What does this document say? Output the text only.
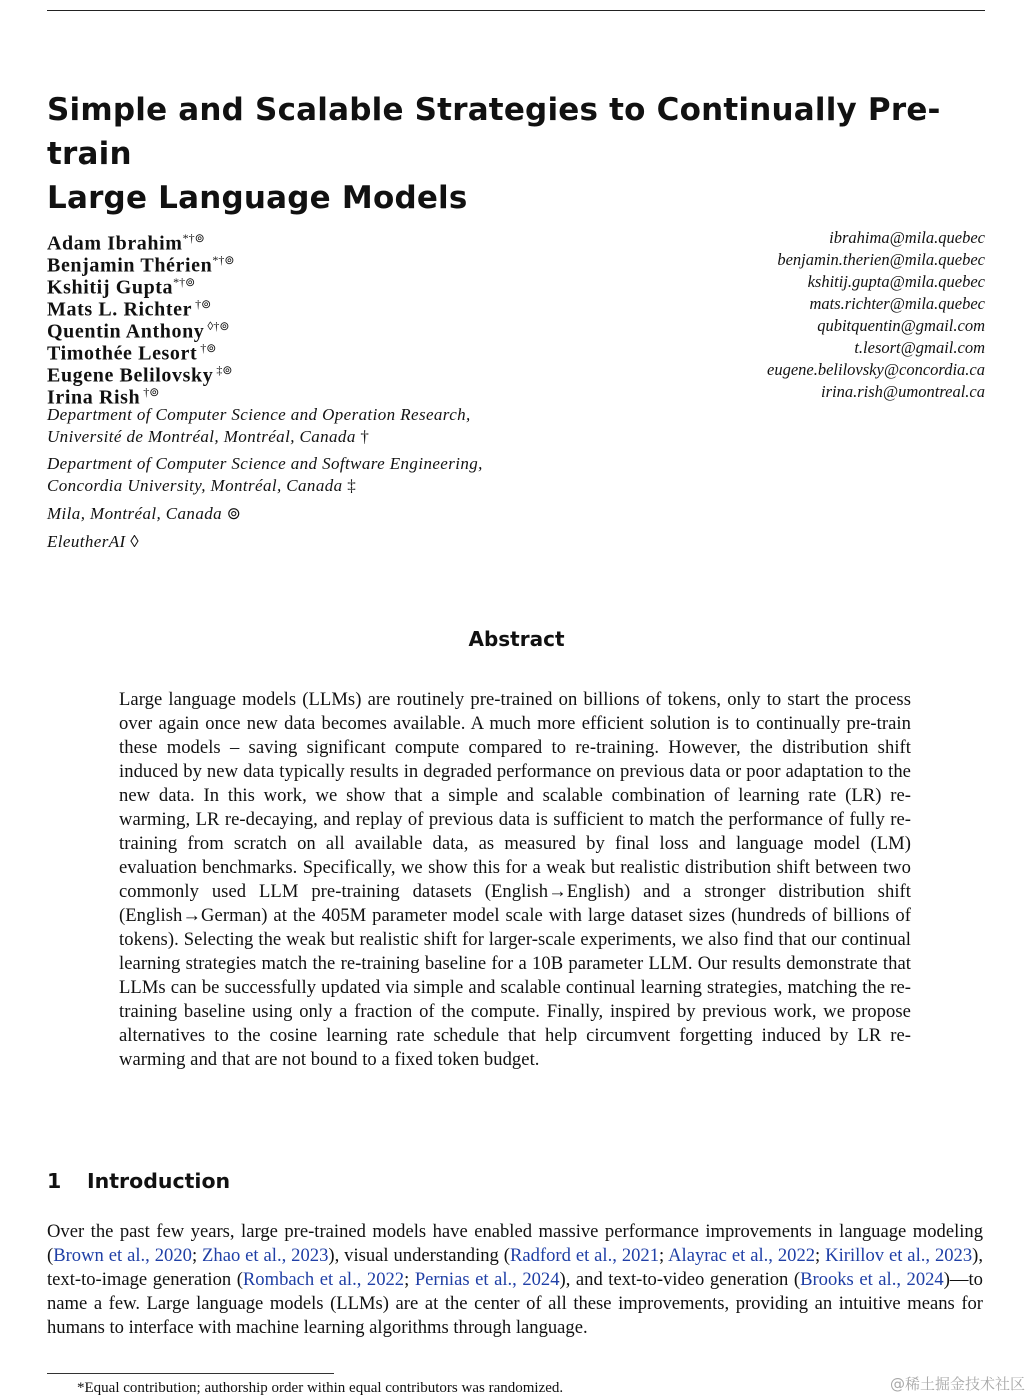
Simple and Scalable Strategies to Continually Pre-train
Large Language Models
Adam Ibrahim*†⊚	ibrahima@mila.quebec
Benjamin Thérien*†⊚	benjamin.therien@mila.quebec
Kshitij Gupta*†⊚	kshitij.gupta@mila.quebec
Mats L. Richter †⊚	mats.richter@mila.quebec
Quentin Anthony ◊†⊚	qubitquentin@gmail.com
Timothée Lesort †⊚	t.lesort@gmail.com
Eugene Belilovsky ‡⊚	eugene.belilovsky@concordia.ca
Irina Rish †⊚	irina.rish@umontreal.ca
Department of Computer Science and Operation Research,
Université de Montréal, Montréal, Canada †
Department of Computer Science and Software Engineering,
Concordia University, Montréal, Canada ‡
Mila, Montréal, Canada ⊚
EleutherAI ◊
Abstract
Large language models (LLMs) are routinely pre-trained on billions of tokens, only to start the process over again once new data becomes available. A much more efficient solution is to continually pre-train these models – saving significant compute compared to re-training. However, the distribution shift induced by new data typically results in degraded performance on previous data or poor adaptation to the new data. In this work, we show that a simple and scalable combination of learning rate (LR) re-warming, LR re-decaying, and replay of previous data is sufficient to match the performance of fully re-training from scratch on all available data, as measured by final loss and language model (LM) evaluation benchmarks. Specifically, we show this for a weak but realistic distribution shift between two commonly used LLM pre-training datasets (English→English) and a stronger distribution shift (English→German) at the 405M parameter model scale with large dataset sizes (hundreds of billions of tokens). Selecting the weak but realistic shift for larger-scale experiments, we also find that our continual learning strategies match the re-training baseline for a 10B parameter LLM. Our results demonstrate that LLMs can be successfully updated via simple and scalable continual learning strategies, matching the re-training baseline using only a fraction of the compute. Finally, inspired by previous work, we propose alternatives to the cosine learning rate schedule that help circumvent forgetting induced by LR re-warming and that are not bound to a fixed token budget.
1 Introduction
Over the past few years, large pre-trained models have enabled massive performance improvements in language modeling (Brown et al., 2020; Zhao et al., 2023), visual understanding (Radford et al., 2021; Alayrac et al., 2022; Kirillov et al., 2023), text-to-image generation (Rombach et al., 2022; Pernias et al., 2024), and text-to-video generation (Brooks et al., 2024)—to name a few. Large language models (LLMs) are at the center of all these improvements, providing an intuitive means for humans to interface with machine learning algorithms through language.
*Equal contribution; authorship order within equal contributors was randomized.	@稀土掘金技术社区
